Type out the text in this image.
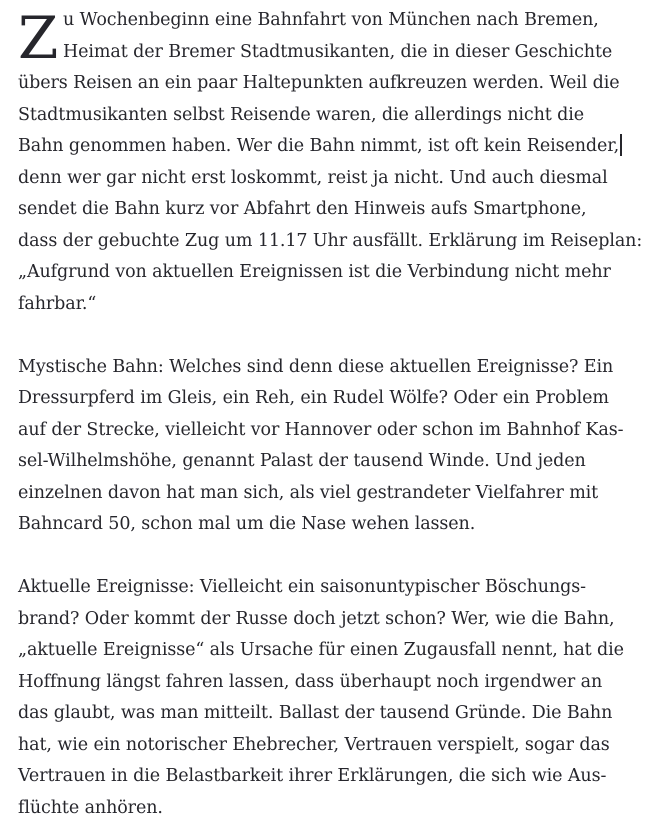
Z u Wochenbeginn eine Bahnfahrt von München nach Bremen,
Heimat der Bremer Stadtmusikanten, die in dieser Geschichte
übers Reisen an ein paar Haltepunkten aufkreuzen werden. Weil die
Stadtmusikanten selbst Reisende waren, die allerdings nicht die
Bahn genommen haben. Wer die Bahn nimmt, ist oft kein Reisender,
denn wer gar nicht erst loskommt, reist ja nicht. Und auch diesmal
sendet die Bahn kurz vor Abfahrt den Hinweis aufs Smartphone,
dass der gebuchte Zug um 11.17 Uhr ausfällt. Erklärung im Reiseplan:
„Aufgrund von aktuellen Ereignissen ist die Verbindung nicht mehr
fahrbar.“
Mystische Bahn: Welches sind denn diese aktuellen Ereignisse? Ein
Dressurpferd im Gleis, ein Reh, ein Rudel Wölfe? Oder ein Problem
auf der Strecke, vielleicht vor Hannover oder schon im Bahnhof Kas-
sel-Wilhelmshöhe, genannt Palast der tausend Winde. Und jeden
einzelnen davon hat man sich, als viel gestrandeter Vielfahrer mit
Bahncard 50, schon mal um die Nase wehen lassen.
Aktuelle Ereignisse: Vielleicht ein saisonuntypischer Böschungs-
brand? Oder kommt der Russe doch jetzt schon? Wer, wie die Bahn,
„aktuelle Ereignisse“ als Ursache für einen Zugausfall nennt, hat die
Hoffnung längst fahren lassen, dass überhaupt noch irgendwer an
das glaubt, was man mitteilt. Ballast der tausend Gründe. Die Bahn
hat, wie ein notorischer Ehebrecher, Vertrauen verspielt, sogar das
Vertrauen in die Belastbarkeit ihrer Erklärungen, die sich wie Aus-
flüchte anhören.
